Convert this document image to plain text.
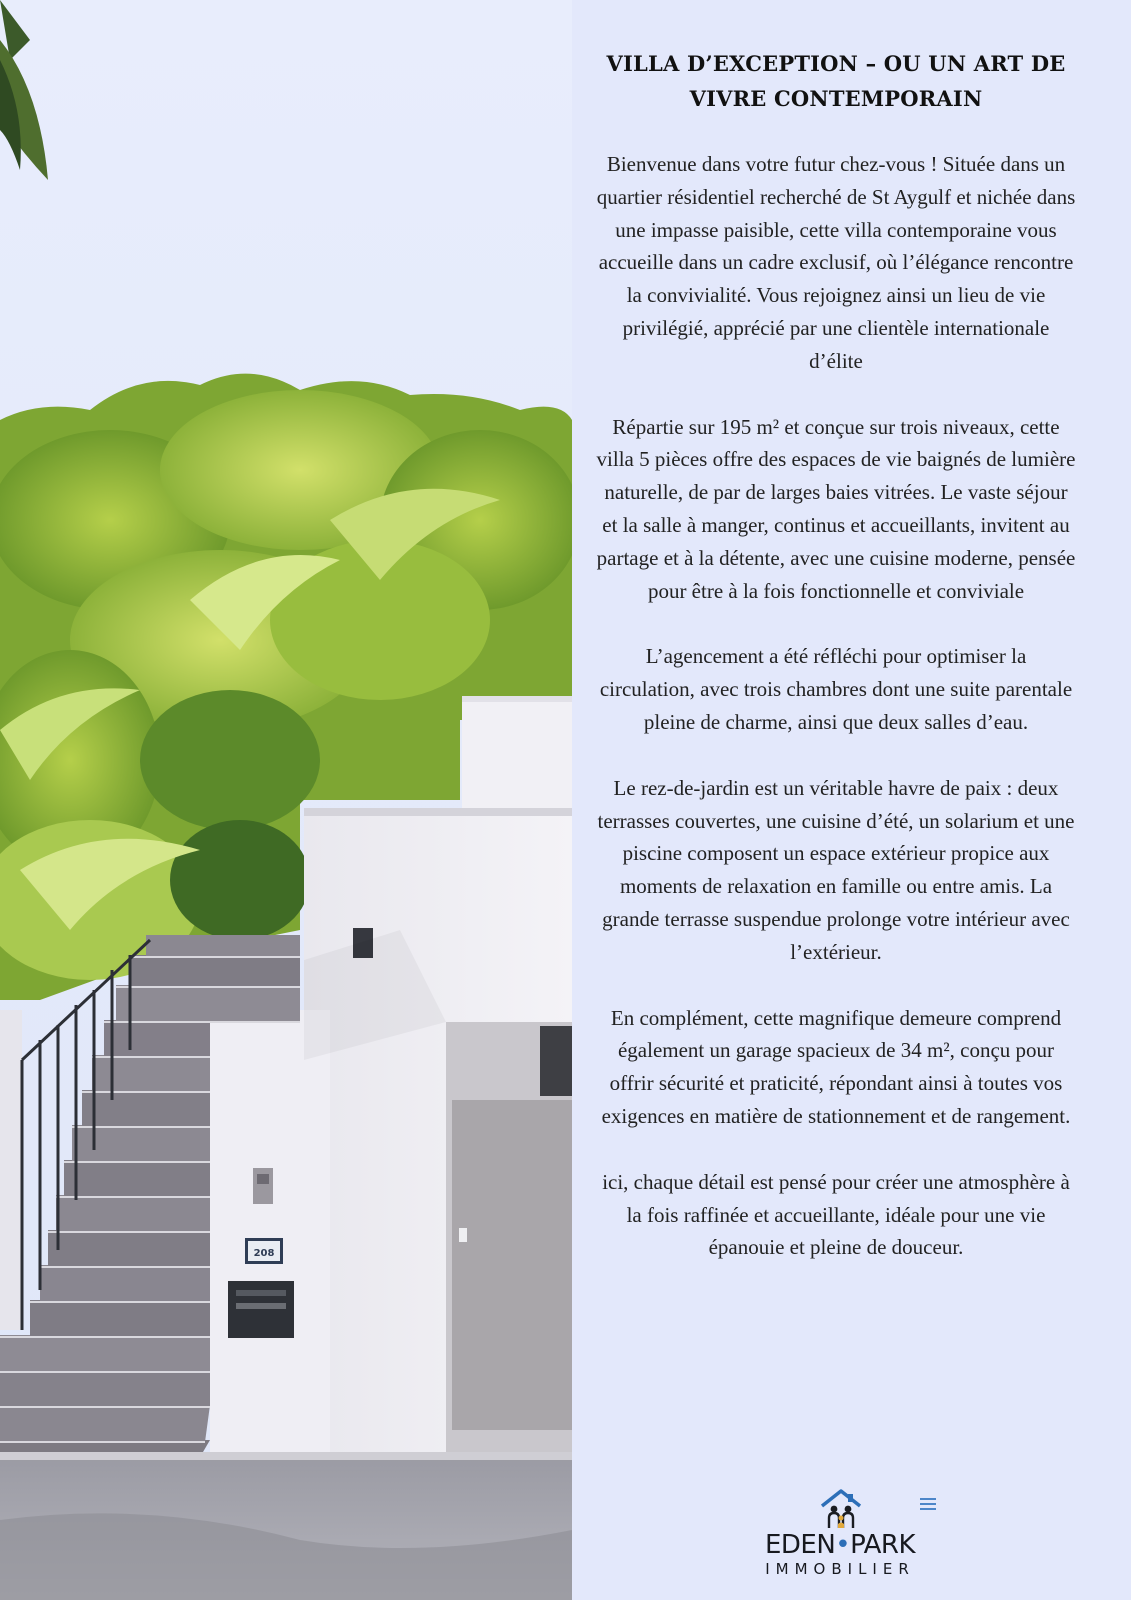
208
VILLA D’EXCEPTION – OU UN ART DE VIVRE CONTEMPORAIN

Bienvenue dans votre futur chez-vous ! Située dans un quartier résidentiel recherché de St Aygulf et nichée dans une impasse paisible, cette villa contemporaine vous accueille dans un cadre exclusif, où l’élégance rencontre la convivialité. Vous rejoignez ainsi un lieu de vie privilégié, apprécié par une clientèle internationale d’élite

Répartie sur 195 m² et conçue sur trois niveaux, cette villa 5 pièces offre des espaces de vie baignés de lumière naturelle, de par de larges baies vitrées. Le vaste séjour et la salle à manger, continus et accueillants, invitent au partage et à la détente, avec une cuisine moderne, pensée pour être à la fois fonctionnelle et conviviale

L’agencement a été réfléchi pour optimiser la circulation, avec trois chambres dont une suite parentale pleine de charme, ainsi que deux salles d’eau.

Le rez-de-jardin est un véritable havre de paix : deux terrasses couvertes, une cuisine d’été, un solarium et une piscine composent un espace extérieur propice aux moments de relaxation en famille ou entre amis. La grande terrasse suspendue prolonge votre intérieur avec l’extérieur.

En complément, cette magnifique demeure comprend également un garage spacieux de 34 m², conçu pour offrir sécurité et praticité, répondant ainsi à toutes vos exigences en matière de stationnement et de rangement.

ici, chaque détail est pensé pour créer une atmosphère à la fois raffinée et accueillante, idéale pour une vie épanouie et pleine de douceur.

EDEN•PARK
IMMOBILIER
